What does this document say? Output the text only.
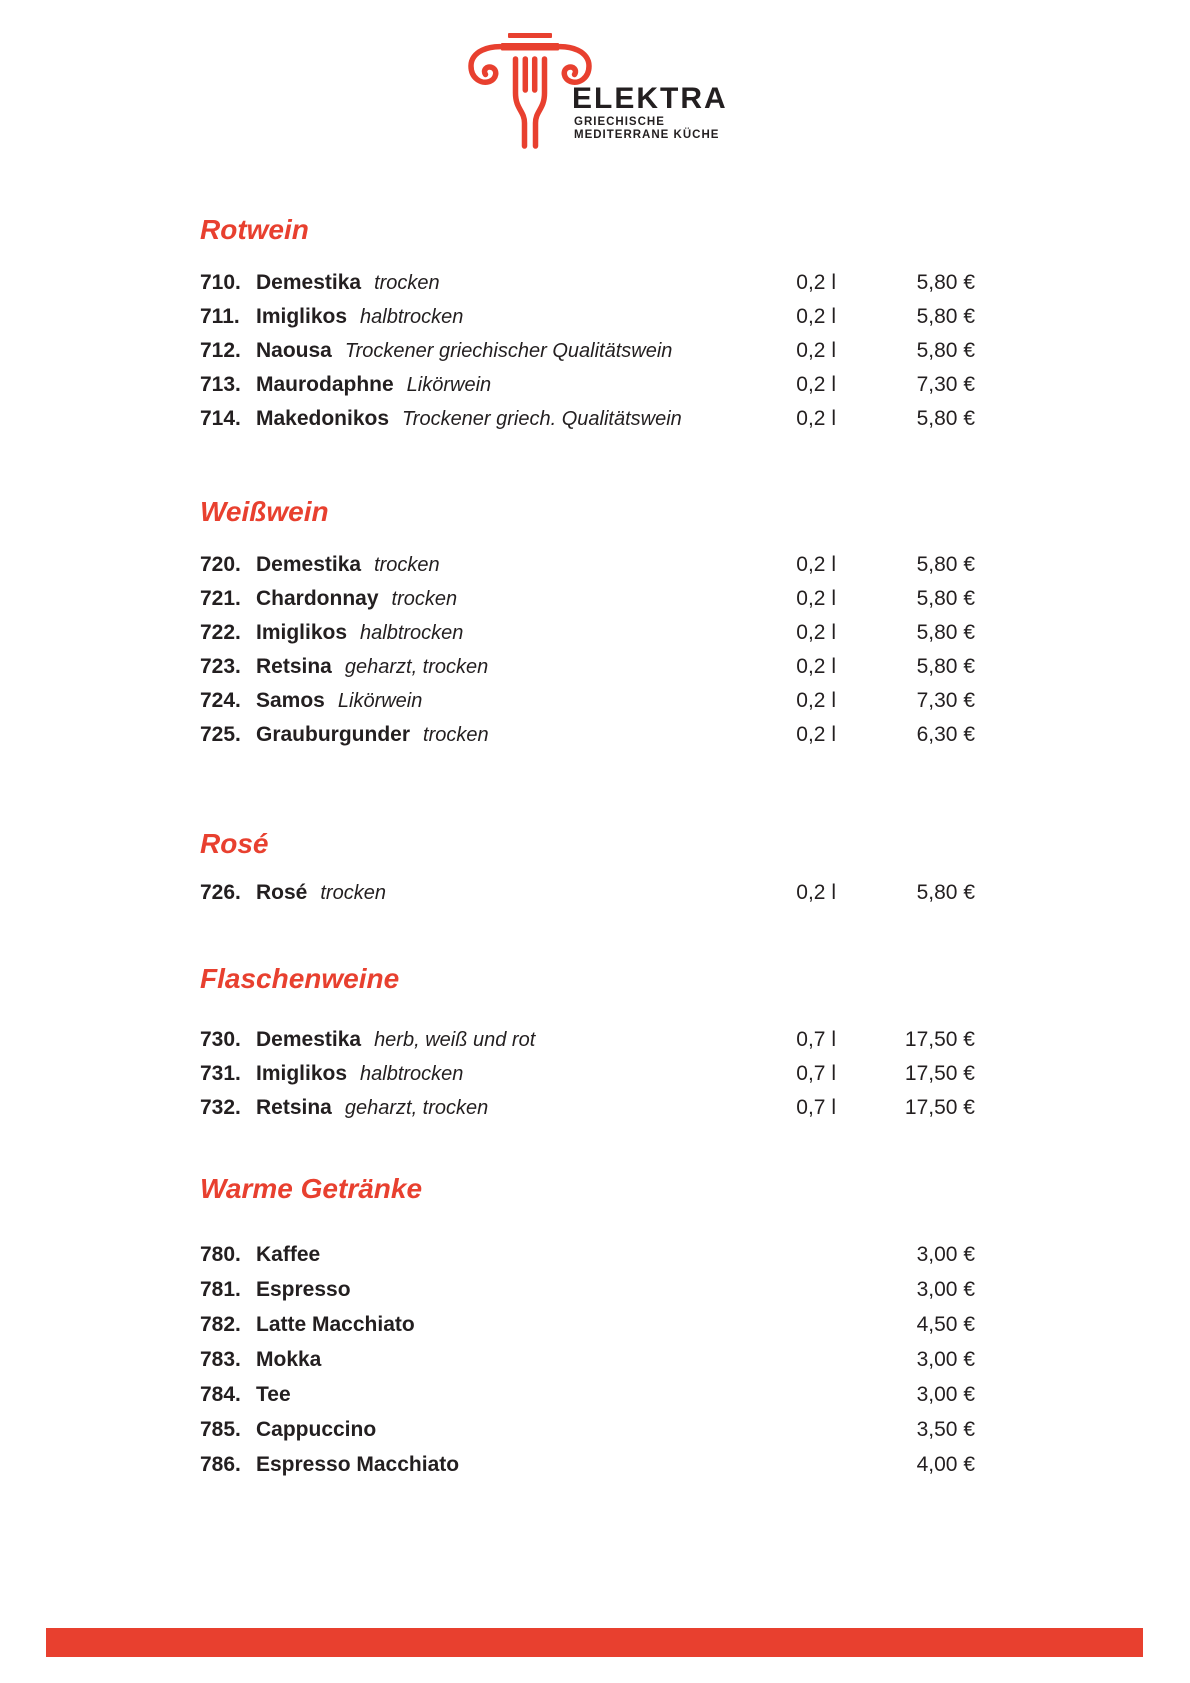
ELEKTRA
GRIECHISCHE
MEDITERRANE KÜCHE
Rotwein
710. Demestika trocken	0,2 l	5,80 €
711. Imiglikos halbtrocken	0,2 l	5,80 €
712. Naousa Trockener griechischer Qualitätswein	0,2 l	5,80 €
713. Maurodaphne Likörwein	0,2 l	7,30 €
714. Makedonikos Trockener griech. Qualitätswein	0,2 l	5,80 €
Weißwein
720. Demestika trocken	0,2 l	5,80 €
721. Chardonnay trocken	0,2 l	5,80 €
722. Imiglikos halbtrocken	0,2 l	5,80 €
723. Retsina geharzt, trocken	0,2 l	5,80 €
724. Samos Likörwein	0,2 l	7,30 €
725. Grauburgunder trocken	0,2 l	6,30 €
Rosé
726. Rosé trocken	0,2 l	5,80 €
Flaschenweine
730. Demestika herb, weiß und rot	0,7 l	17,50 €
731. Imiglikos halbtrocken	0,7 l	17,50 €
732. Retsina geharzt, trocken	0,7 l	17,50 €
Warme Getränke
780. Kaffee	3,00 €
781. Espresso	3,00 €
782. Latte Macchiato	4,50 €
783. Mokka	3,00 €
784. Tee	3,00 €
785. Cappuccino	3,50 €
786. Espresso Macchiato	4,00 €
